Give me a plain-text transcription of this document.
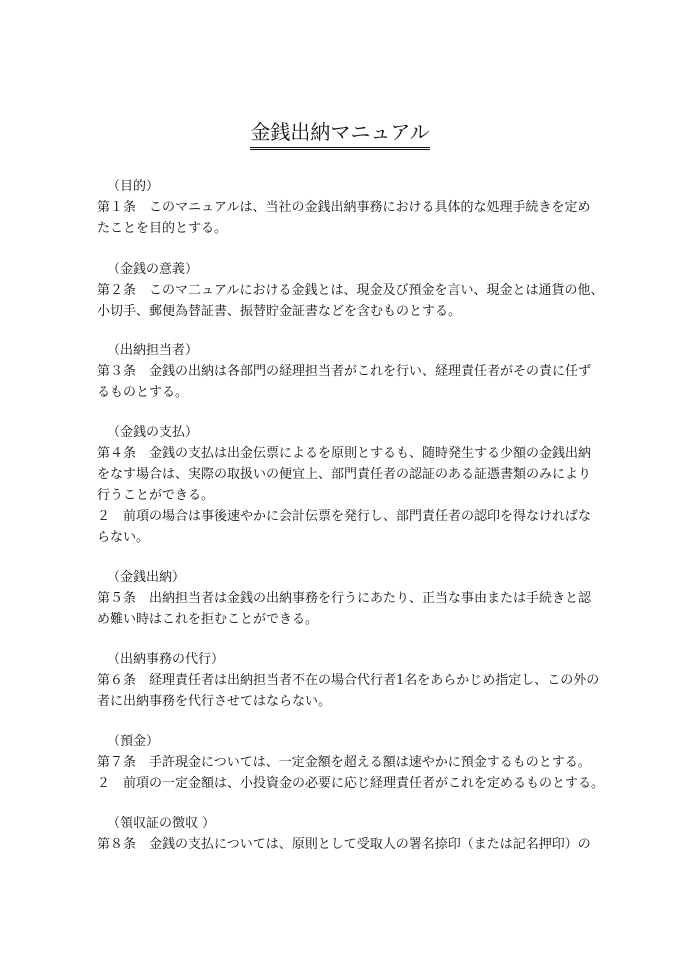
金銭出納マニュアル
（目的）
第１条　このマニュアルは、当社の金銭出納事務における具体的な処理手続きを定め
たことを目的とする。
（金銭の意義）
第２条　このマ二ュアルにおける金銭とは、現金及び預金を言い、現金とは通貨の他、
小切手、郵便為替証書、振替貯金証書などを含むものとする。
（出納担当者）
第３条　金銭の出納は各部門の経理担当者がこれを行い、経理責任者がその責に任ず
るものとする。
（金銭の支払）
第４条　金銭の支払は出金伝票によるを原則とするも、随時発生する少額の金銭出納
をなす場合は、実際の取扱いの便宜上、部門責任者の認証のある証憑書類のみにより
行うことができる。
２　前項の場合は事後速やかに会計伝票を発行し、部門責任者の認印を得なければな
らない。
（金銭出納）
第５条　出納担当者は金銭の出納事務を行うにあたり、正当な事由または手続きと認
め難い時はこれを拒むことができる。
（出納事務の代行）
第６条　経理責任者は出納担当者不在の場合代行者1名をあらかじめ指定し、この外の
者に出納事務を代行させてはならない。
（預金）
第７条　手許現金については、一定金額を超える額は速やかに預金するものとする。
２　前項の一定金額は、小投資金の必要に応じ経理責任者がこれを定めるものとする。
（領収証の徴収 ）
第８条　金銭の支払については、原則として受取人の署名捺印（または記名押印）の
